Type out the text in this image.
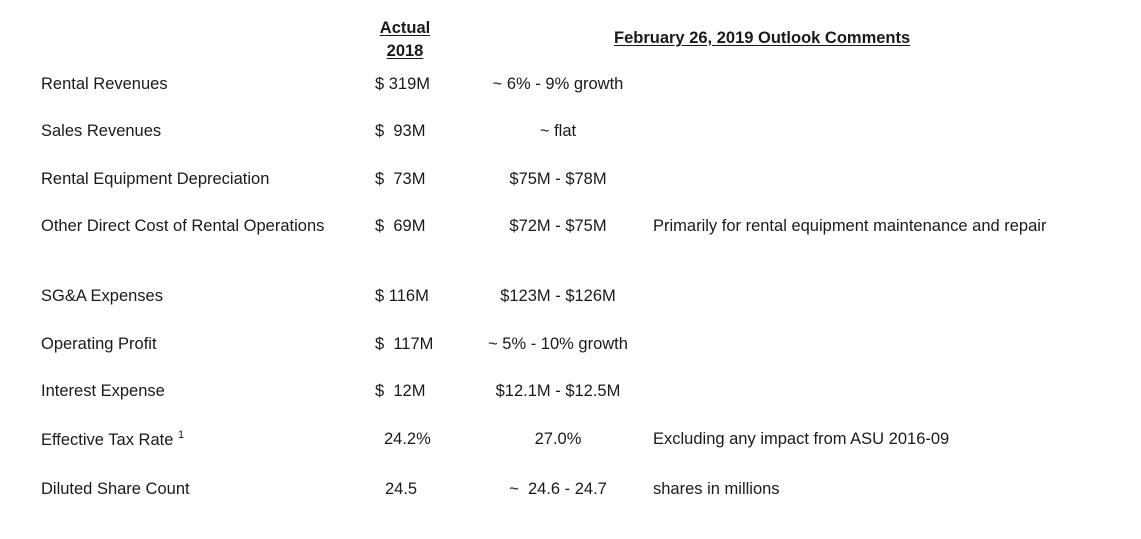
Actual
2018
February 26, 2019 Outlook Comments
Rental Revenues	$ 319M	~ 6% - 9% growth
Sales Revenues	$  93M	~ flat
Rental Equipment Depreciation	$  73M	$75M - $78M
Other Direct Cost of Rental Operations	$  69M	$72M - $75M	Primarily for rental equipment maintenance and repair
SG&A Expenses	$ 116M	$123M - $126M
Operating Profit	$  117M	~ 5% - 10% growth
Interest Expense	$  12M	$12.1M - $12.5M
Effective Tax Rate $^1$	24.2%	27.0%	Excluding any impact from ASU 2016-09
Diluted Share Count	24.5	~  24.6 - 24.7	shares in millions
